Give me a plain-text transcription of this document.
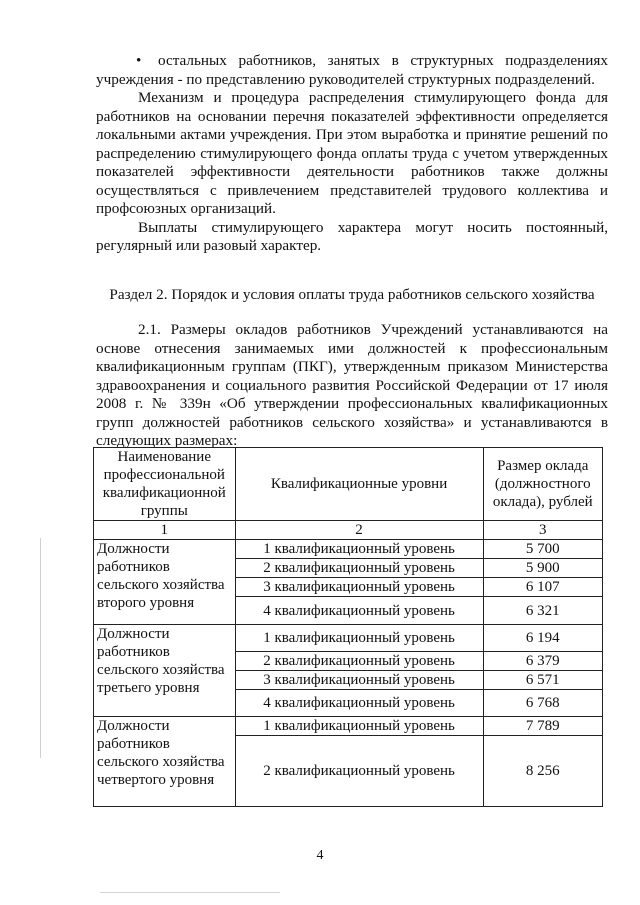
• остальных работников, занятых в структурных подразделениях учреждения - по представлению руководителей структурных подразделений.

Механизм и процедура распределения стимулирующего фонда для работников на основании перечня показателей эффективности определяется локальными актами учреждения. При этом выработка и принятие решений по распределению стимулирующего фонда оплаты труда с учетом утвержденных показателей эффективности деятельности работников также должны осуществляться с привлечением представителей трудового коллектива и профсоюзных организаций.

Выплаты стимулирующего характера могут носить постоянный, регулярный или разовый характер.

Раздел 2. Порядок и условия оплаты труда работников сельского хозяйства

2.1. Размеры окладов работников Учреждений устанавливаются на основе отнесения занимаемых ими должностей к профессиональным квалификационным группам (ПКГ), утвержденным приказом Министерства здравоохранения и социального развития Российской Федерации от 17 июля 2008 г. № 339н «Об утверждении профессиональных квалификационных групп должностей работников сельского хозяйства» и устанавливаются в следующих размерах:

Наименование профессиональной квалификационной группы	Квалификационные уровни	Размер оклада (должностного оклада), рублей
1	2	3
Должности работников сельского хозяйства второго уровня	1 квалификационный уровень	5 700
	2 квалификационный уровень	5 900
	3 квалификационный уровень	6 107
	4 квалификационный уровень	6 321
Должности работников сельского хозяйства третьего уровня	1 квалификационный уровень	6 194
	2 квалификационный уровень	6 379
	3 квалификационный уровень	6 571
	4 квалификационный уровень	6 768
Должности работников сельского хозяйства четвертого уровня	1 квалификационный уровень	7 789
	2 квалификационный уровень	8 256
4
